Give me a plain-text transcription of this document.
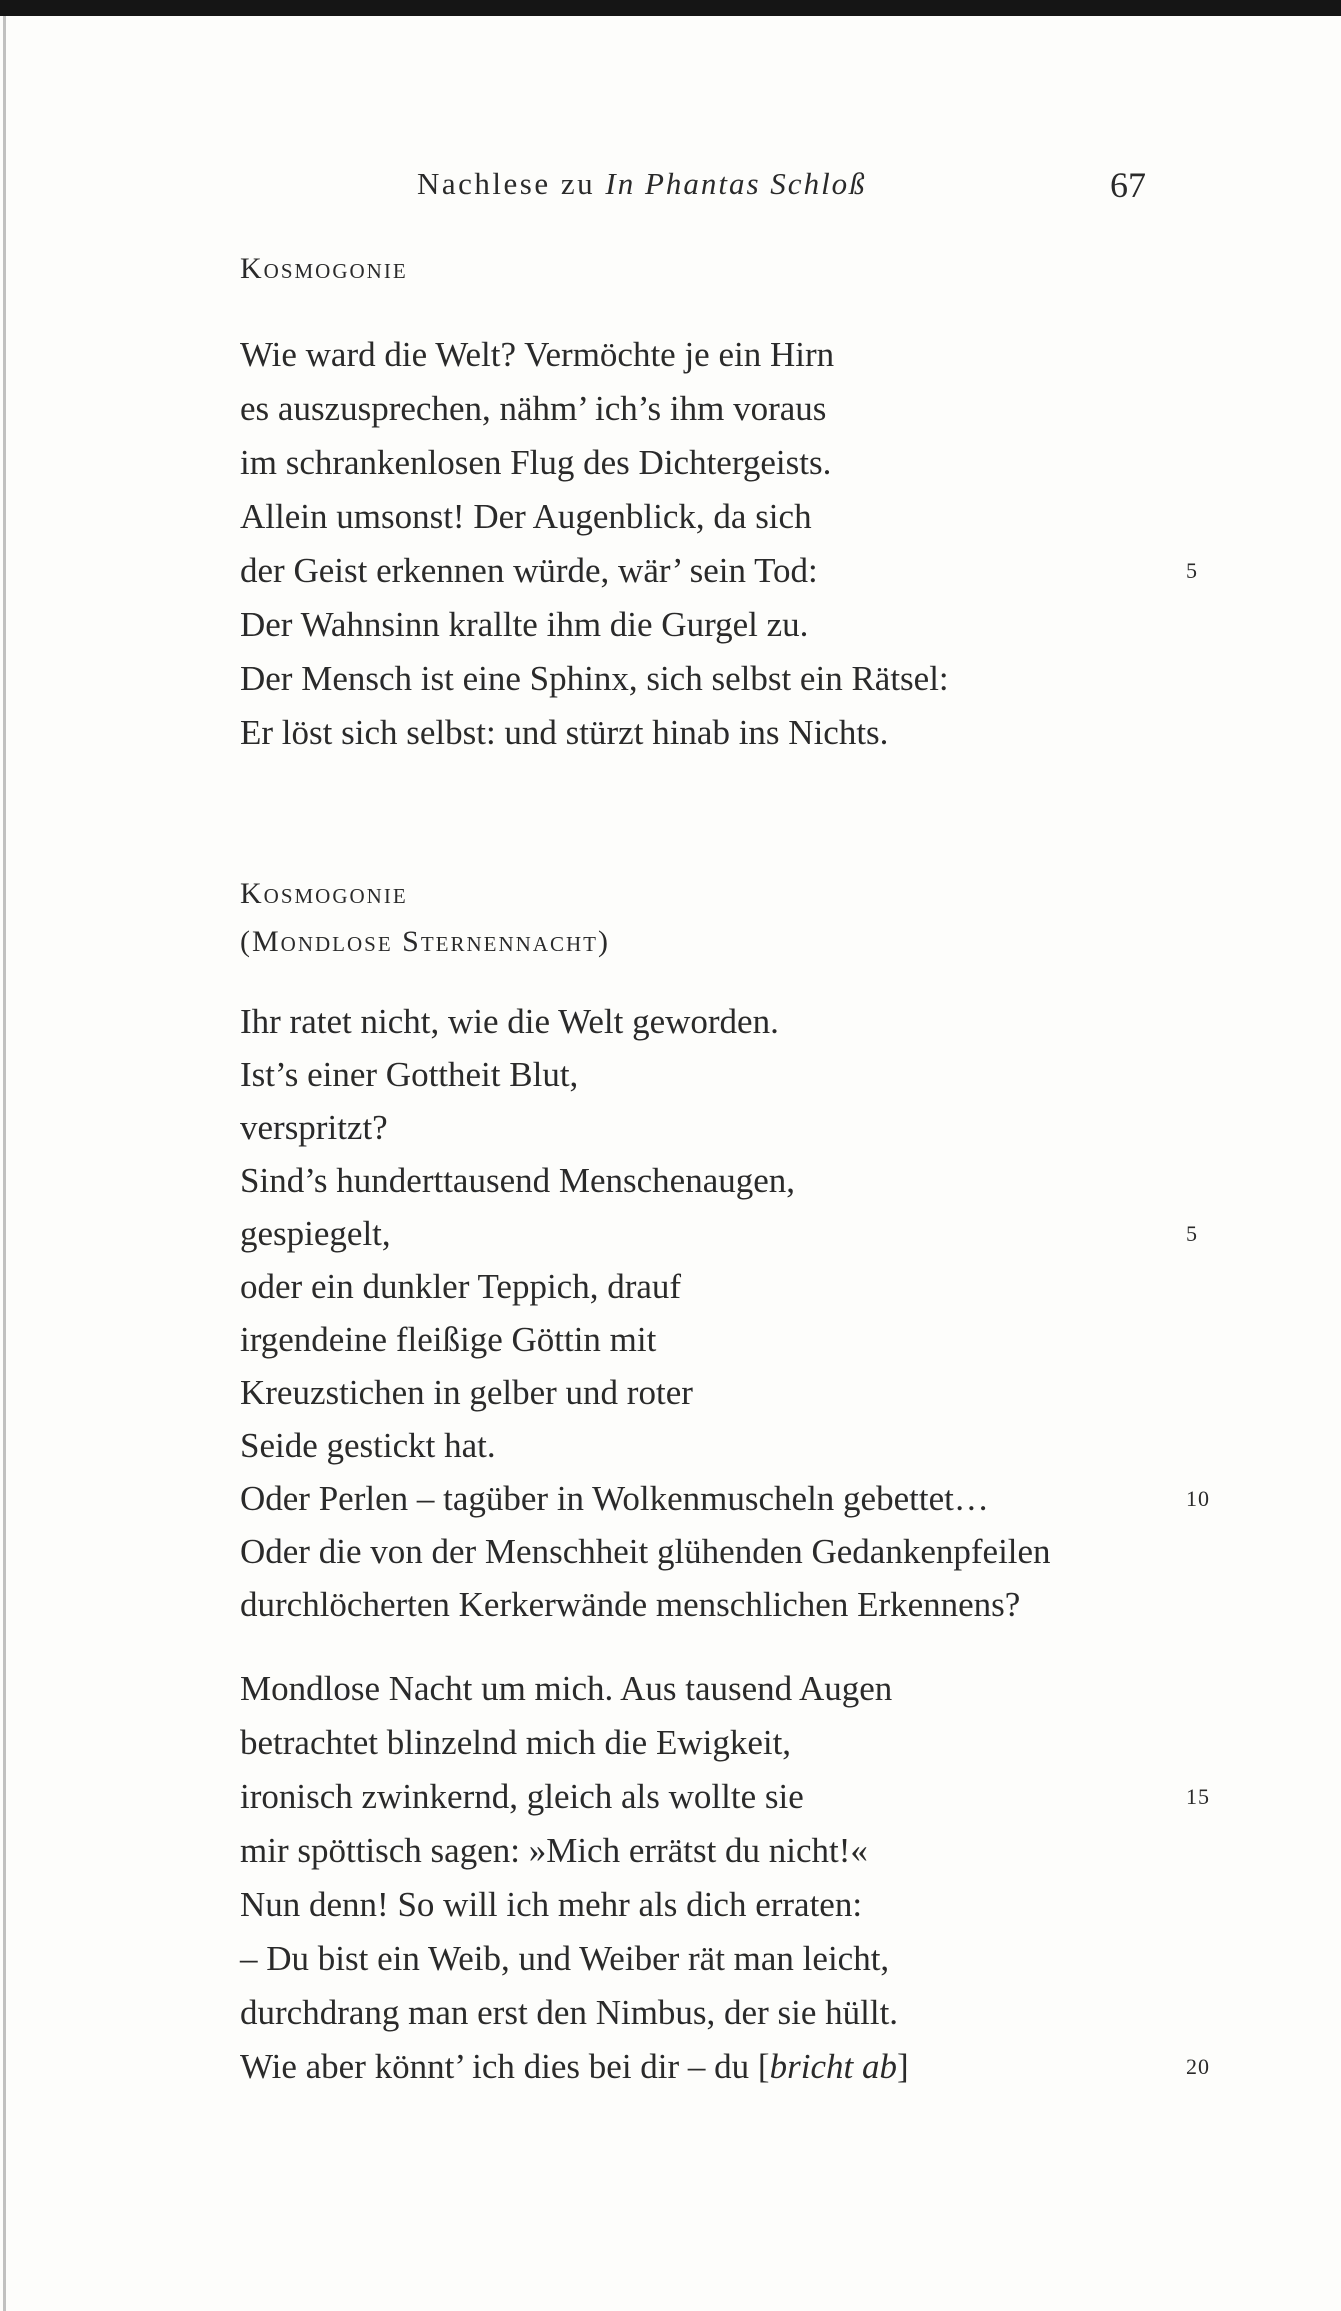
Nachlese zu In Phantas Schloß	67
Kosmogonie
Wie ward die Welt? Vermöchte je ein Hirn
es auszusprechen, nähm’ ich’s ihm voraus
im schrankenlosen Flug des Dichtergeists.
Allein umsonst! Der Augenblick, da sich
der Geist erkennen würde, wär’ sein Tod:	5
Der Wahnsinn krallte ihm die Gurgel zu.
Der Mensch ist eine Sphinx, sich selbst ein Rätsel:
Er löst sich selbst: und stürzt hinab ins Nichts.
Kosmogonie
(Mondlose Sternennacht)
Ihr ratet nicht, wie die Welt geworden.
Ist’s einer Gottheit Blut,
verspritzt?
Sind’s hunderttausend Menschenaugen,
gespiegelt,	5
oder ein dunkler Teppich, drauf
irgendeine fleißige Göttin mit
Kreuzstichen in gelber und roter
Seide gestickt hat.
Oder Perlen – tagüber in Wolkenmuscheln gebettet…	10
Oder die von der Menschheit glühenden Gedankenpfeilen
durchlöcherten Kerkerwände menschlichen Erkennens?
Mondlose Nacht um mich. Aus tausend Augen
betrachtet blinzelnd mich die Ewigkeit,
ironisch zwinkernd, gleich als wollte sie	15
mir spöttisch sagen: »Mich errätst du nicht!«
Nun denn! So will ich mehr als dich erraten:
– Du bist ein Weib, und Weiber rät man leicht,
durchdrang man erst den Nimbus, der sie hüllt.
Wie aber könnt’ ich dies bei dir – du [bricht ab]	20
